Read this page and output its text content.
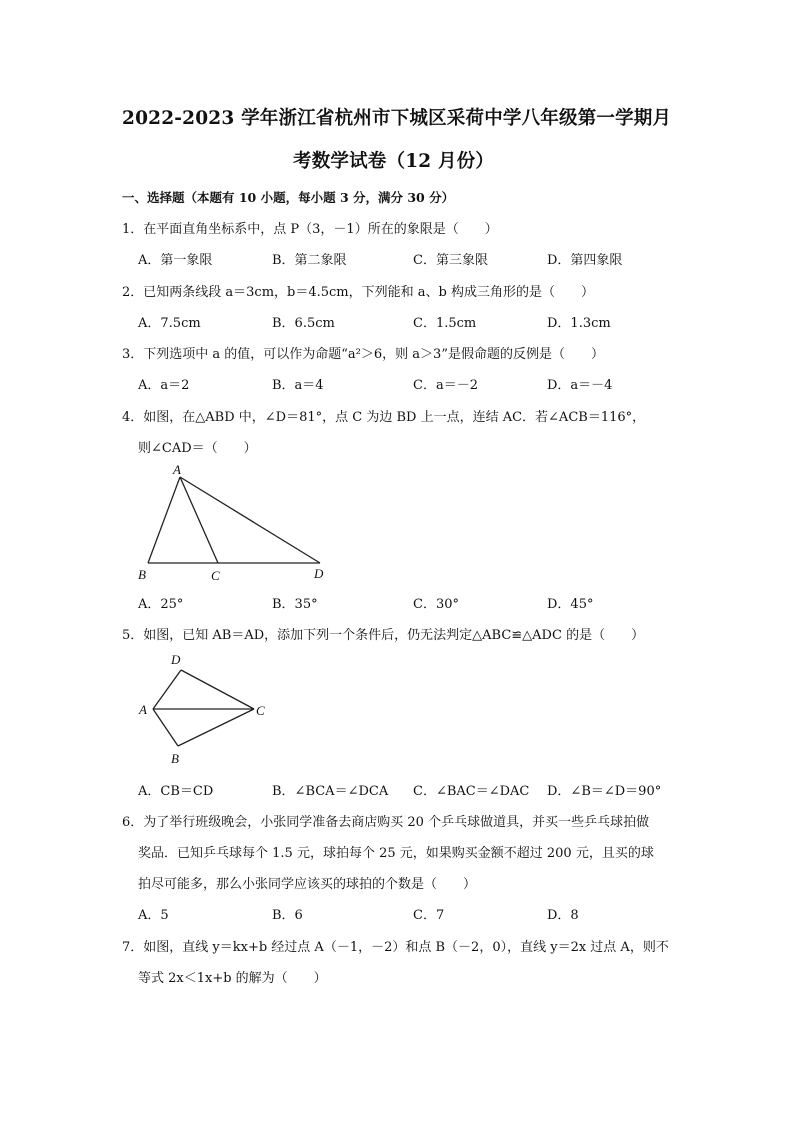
2022-2023 学年浙江省杭州市下城区采荷中学八年级第一学期月
考数学试卷（12 月份）
一、选择题（本题有 10 小题，每小题 3 分，满分 30 分）
1．在平面直角坐标系中，点 P（3，－1）所在的象限是（　　）
A．第一象限	B．第二象限	C．第三象限	D．第四象限
2．已知两条线段 a＝3cm，b＝4.5cm，下列能和 a、b 构成三角形的是（　　）
A．7.5cm	B．6.5cm	C．1.5cm	D．1.3cm
3．下列选项中 a 的值，可以作为命题“a²＞6，则 a＞3”是假命题的反例是（　　）
A．a＝2	B．a＝4	C．a＝－2	D．a＝－4
4．如图，在△ABD 中，∠D＝81°，点 C 为边 BD 上一点，连结 AC．若∠ACB＝116°，
则∠CAD＝（　　）
A
B	C	D
A．25°	B．35°	C．30°	D．45°
5．如图，已知 AB＝AD，添加下列一个条件后，仍无法判定△ABC≌△ADC 的是（　　）
D
A	C
B
A．CB＝CD	B．∠BCA＝∠DCA C．∠BAC＝∠DAC D．∠B＝∠D＝90°
6．为了举行班级晚会，小张同学准备去商店购买 20 个乒乓球做道具，并买一些乒乓球拍做
奖品．已知乒乓球每个 1.5 元，球拍每个 25 元，如果购买金额不超过 200 元，且买的球
拍尽可能多，那么小张同学应该买的球拍的个数是（　　）
A．5	B．6	C．7	D．8
7．如图，直线 y＝kx+b 经过点 A（－1，－2）和点 B（－2，0），直线 y＝2x 过点 A，则不
等式 2x＜1x+b 的解为（　　）
